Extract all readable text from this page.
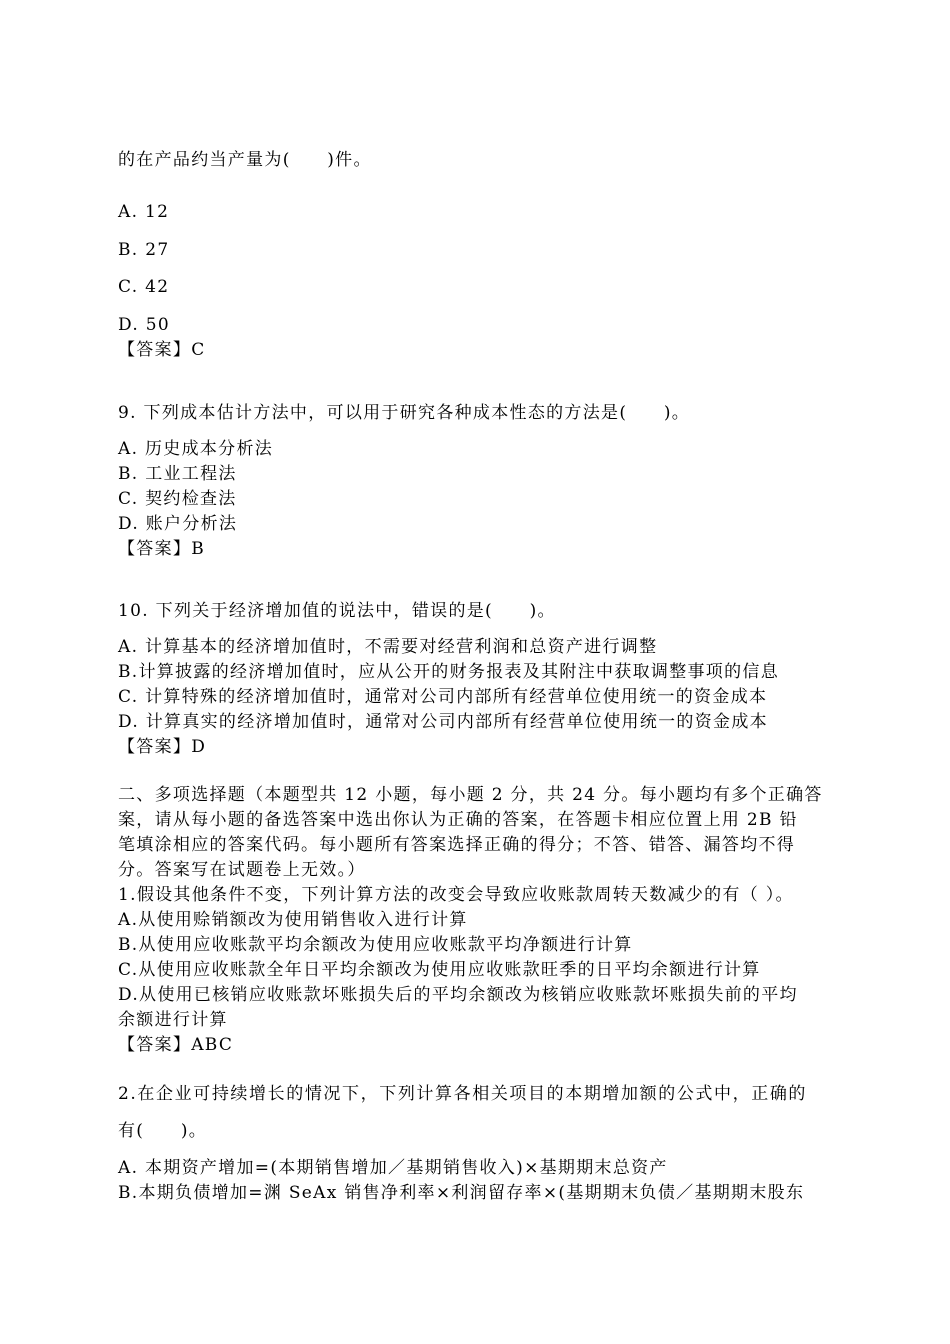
的在产品约当产量为(　　)件。
A. 12
B. 27
C. 42
D. 50
【答案】C
9. 下列成本估计方法中，可以用于研究各种成本性态的方法是(　　)。
A. 历史成本分析法
B. 工业工程法
C. 契约检查法
D. 账户分析法
【答案】B
10. 下列关于经济增加值的说法中，错误的是(　　)。
A. 计算基本的经济增加值时，不需要对经营利润和总资产进行调整
B.计算披露的经济增加值时，应从公开的财务报表及其附注中获取调整事项的信息
C. 计算特殊的经济增加值时，通常对公司内部所有经营单位使用统一的资金成本
D. 计算真实的经济增加值时，通常对公司内部所有经营单位使用统一的资金成本
【答案】D
二、多项选择题（本题型共 12 小题，每小题 2 分，共 24 分。每小题均有多个正确答
案，请从每小题的备选答案中选出你认为正确的答案，在答题卡相应位置上用 2B 铅
笔填涂相应的答案代码。每小题所有答案选择正确的得分；不答、错答、漏答均不得
分。答案写在试题卷上无效。）
1.假设其他条件不变，下列计算方法的改变会导致应收账款周转天数减少的有（ ）。
A.从使用赊销额改为使用销售收入进行计算
B.从使用应收账款平均余额改为使用应收账款平均净额进行计算
C.从使用应收账款全年日平均余额改为使用应收账款旺季的日平均余额进行计算
D.从使用已核销应收账款坏账损失后的平均余额改为核销应收账款坏账损失前的平均
余额进行计算
【答案】ABC
2.在企业可持续增长的情况下，下列计算各相关项目的本期增加额的公式中，正确的
有(　　)。
A. 本期资产增加=(本期销售增加／基期销售收入)×基期期末总资产
B.本期负债增加=渊 SeAx 销售净利率×利润留存率×(基期期末负债／基期期末股东
